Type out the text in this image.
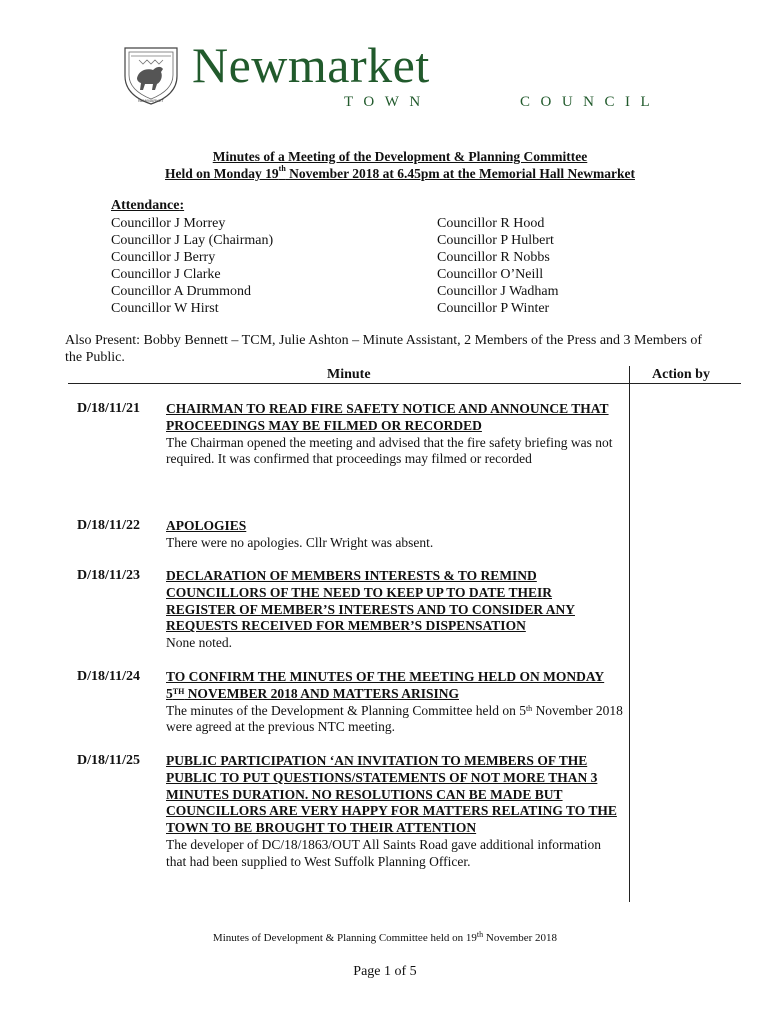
NEWMARKET
Newmarket
TOWN	COUNCIL
Minutes of a Meeting of the Development & Planning Committee
Held on Monday 19th November 2018 at 6.45pm at the Memorial Hall Newmarket
Attendance:
Councillor J Morrey
Councillor J Lay (Chairman)
Councillor J Berry
Councillor J Clarke
Councillor A Drummond
Councillor W Hirst
Councillor R Hood
Councillor P Hulbert
Councillor R Nobbs
Councillor O’Neill
Councillor J Wadham
Councillor P Winter
Also Present: Bobby Bennett – TCM, Julie Ashton – Minute Assistant, 2 Members of the Press and 3 Members of the Public.
Minute	Action by
D/18/11/21 CHAIRMAN TO READ FIRE SAFETY NOTICE AND ANNOUNCE THAT PROCEEDINGS MAY BE FILMED OR RECORDED
The Chairman opened the meeting and advised that the fire safety briefing was not required. It was confirmed that proceedings may filmed or recorded
D/18/11/22 APOLOGIES
There were no apologies. Cllr Wright was absent.
D/18/11/23 DECLARATION OF MEMBERS INTERESTS & TO REMIND COUNCILLORS OF THE NEED TO KEEP UP TO DATE THEIR REGISTER OF MEMBER’S INTERESTS AND TO CONSIDER ANY REQUESTS RECEIVED FOR MEMBER’S DISPENSATION
None noted.
D/18/11/24 TO CONFIRM THE MINUTES OF THE MEETING HELD ON MONDAY 5TH NOVEMBER 2018 AND MATTERS ARISING
The minutes of the Development & Planning Committee held on 5th November 2018 were agreed at the previous NTC meeting.
D/18/11/25 PUBLIC PARTICIPATION ‘AN INVITATION TO MEMBERS OF THE PUBLIC TO PUT QUESTIONS/STATEMENTS OF NOT MORE THAN 3 MINUTES DURATION. NO RESOLUTIONS CAN BE MADE BUT COUNCILLORS ARE VERY HAPPY FOR MATTERS RELATING TO THE TOWN TO BE BROUGHT TO THEIR ATTENTION
The developer of DC/18/1863/OUT All Saints Road gave additional information that had been supplied to West Suffolk Planning Officer.
Minutes of Development & Planning Committee held on 19th November 2018
Page 1 of 5
